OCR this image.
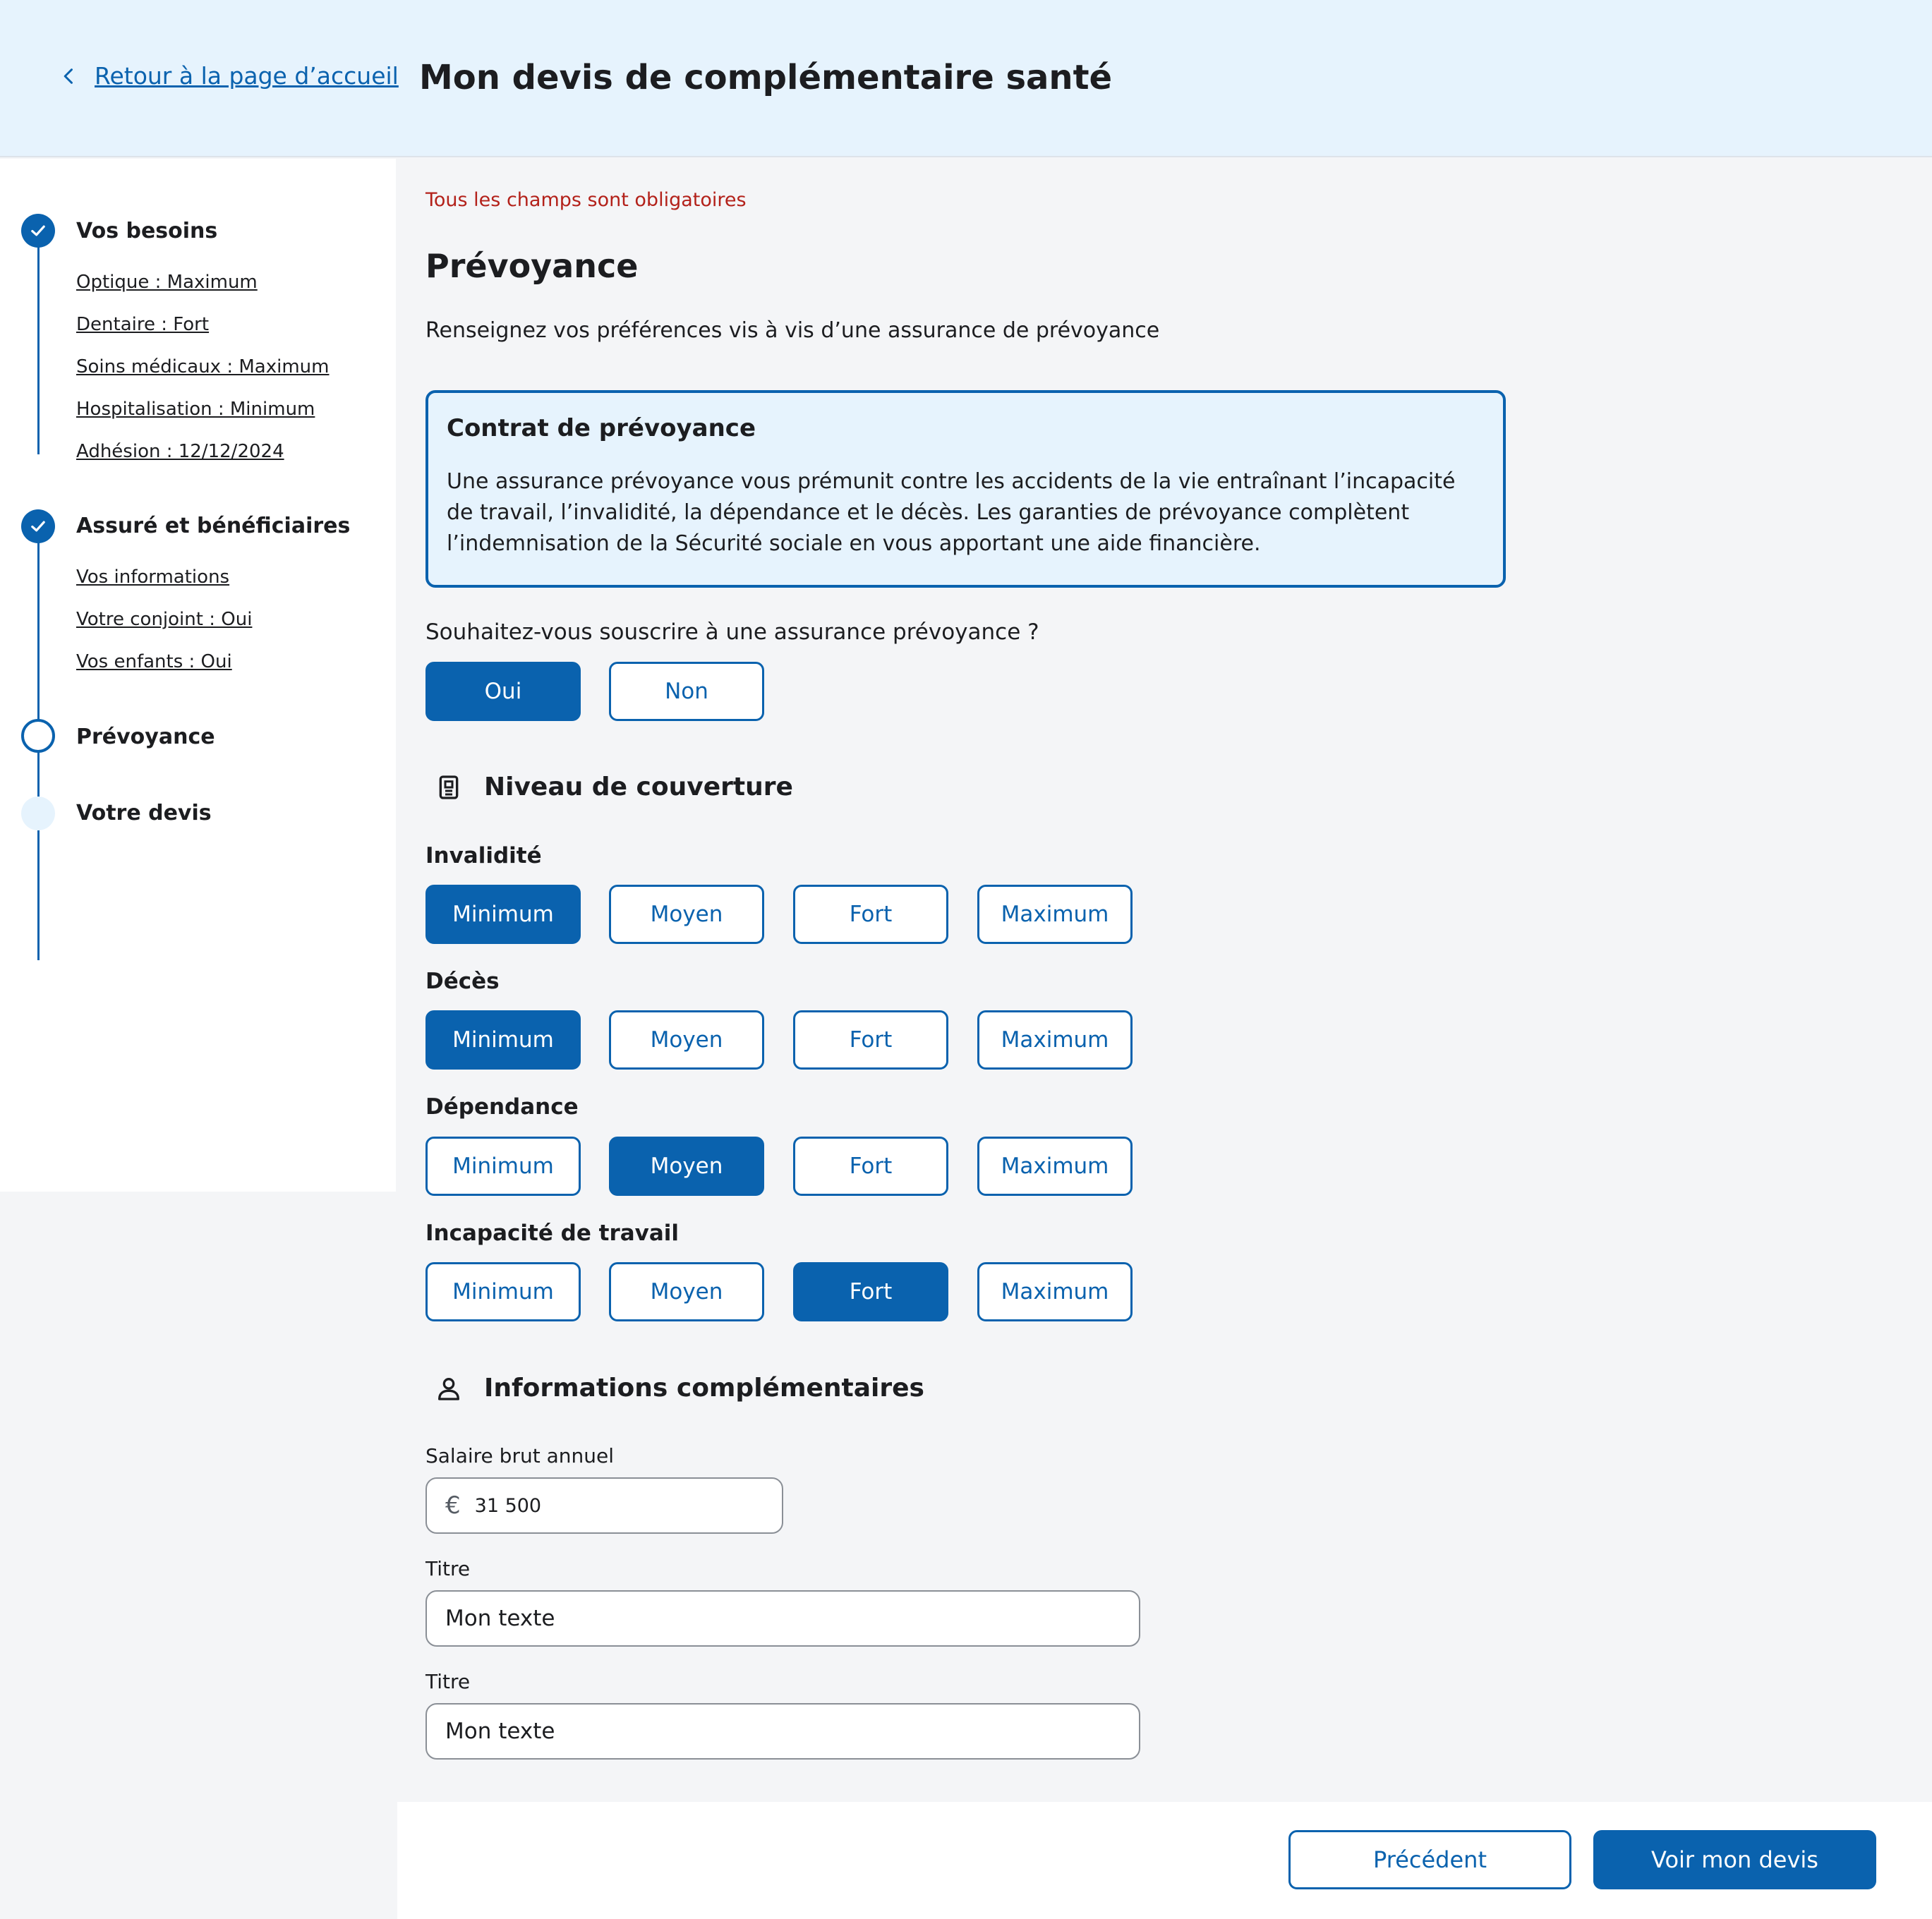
Retour à la page d’accueil Mon devis de complémentaire santé
Vos besoins
Optique : Maximum
Dentaire : Fort
Soins médicaux : Maximum
Hospitalisation : Minimum
Adhésion : 12/12/2024
Assuré et bénéficiaires
Vos informations
Votre conjoint : Oui
Vos enfants : Oui
Prévoyance
Votre devis
Tous les champs sont obligatoires
Prévoyance
Renseignez vos préférences vis à vis d’une assurance de prévoyance
Contrat de prévoyance

Une assurance prévoyance vous prémunit contre les accidents de la vie entraînant l’incapacité de travail, l’invalidité, la dépendance et le décès. Les garanties de prévoyance complètent l’indemnisation de la Sécurité sociale en vous apportant une aide financière.

Souhaitez-vous souscrire à une assurance prévoyance ?
Oui	Non
Niveau de couverture
Invalidité
Minimum	Moyen	Fort	Maximum
Décès
Minimum	Moyen	Fort	Maximum
Dépendance
Minimum	Moyen	Fort	Maximum
Incapacité de travail
Minimum	Moyen	Fort	Maximum
Informations complémentaires
Salaire brut annuel
€ 31 500
Titre
Mon texte
Titre
Mon texte
Précédent	Voir mon devis
